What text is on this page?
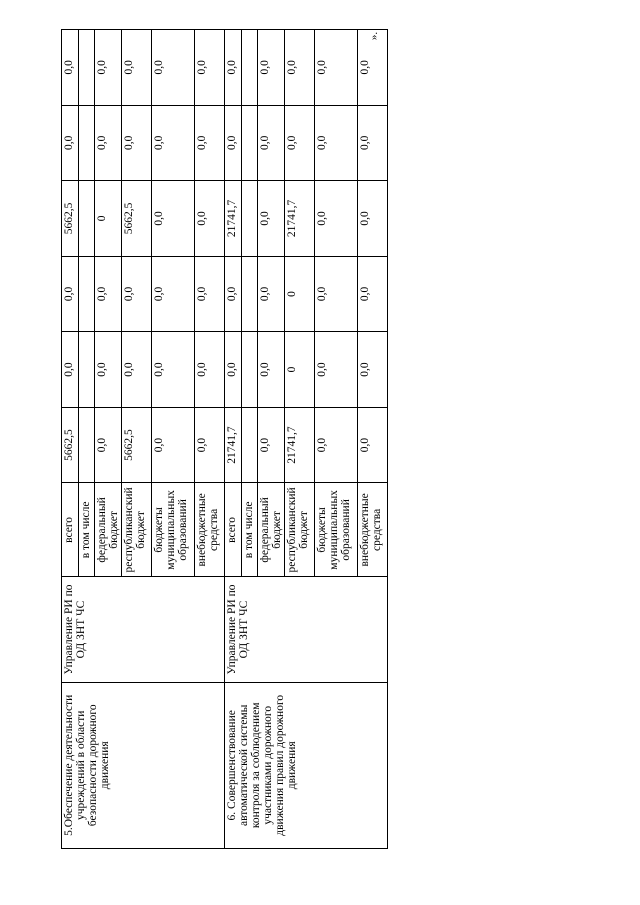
5.Обеспечение деятельности учреждений в области безопасности дорожного движения	Управление РИ по ОД ЗНТ ЧС	всего	5662,5	0,0	0,0	5662,5	0,0	0,0
		в том числе						
		федеральный бюджет	0,0	0,0	0,0	0	0,0	0,0
		республиканский бюджет	5662,5	0,0	0,0	5662,5	0,0	0,0
		бюджеты муниципальных образований	0,0	0,0	0,0	0,0	0,0	0,0
		внебюджетные средства	0,0	0,0	0,0	0,0	0,0	0,0
6. Совершенствование автоматической системы контроля за соблюдением участниками дорожного движения правил дорожного движения	Управление РИ по ОД ЗНТ ЧС	всего	21741,7	0,0	0,0	21741,7	0,0	0,0
		в том числе						
		федеральный бюджет	0,0	0,0	0,0	0,0	0,0	0,0
		республиканский бюджет	21741,7	0	0	21741,7	0,0	0,0
		бюджеты муниципальных образований	0,0	0,0	0,0	0,0	0,0	0,0
		внебюджетные средства	0,0	0,0	0,0	0,0	0,0	0,0
».
